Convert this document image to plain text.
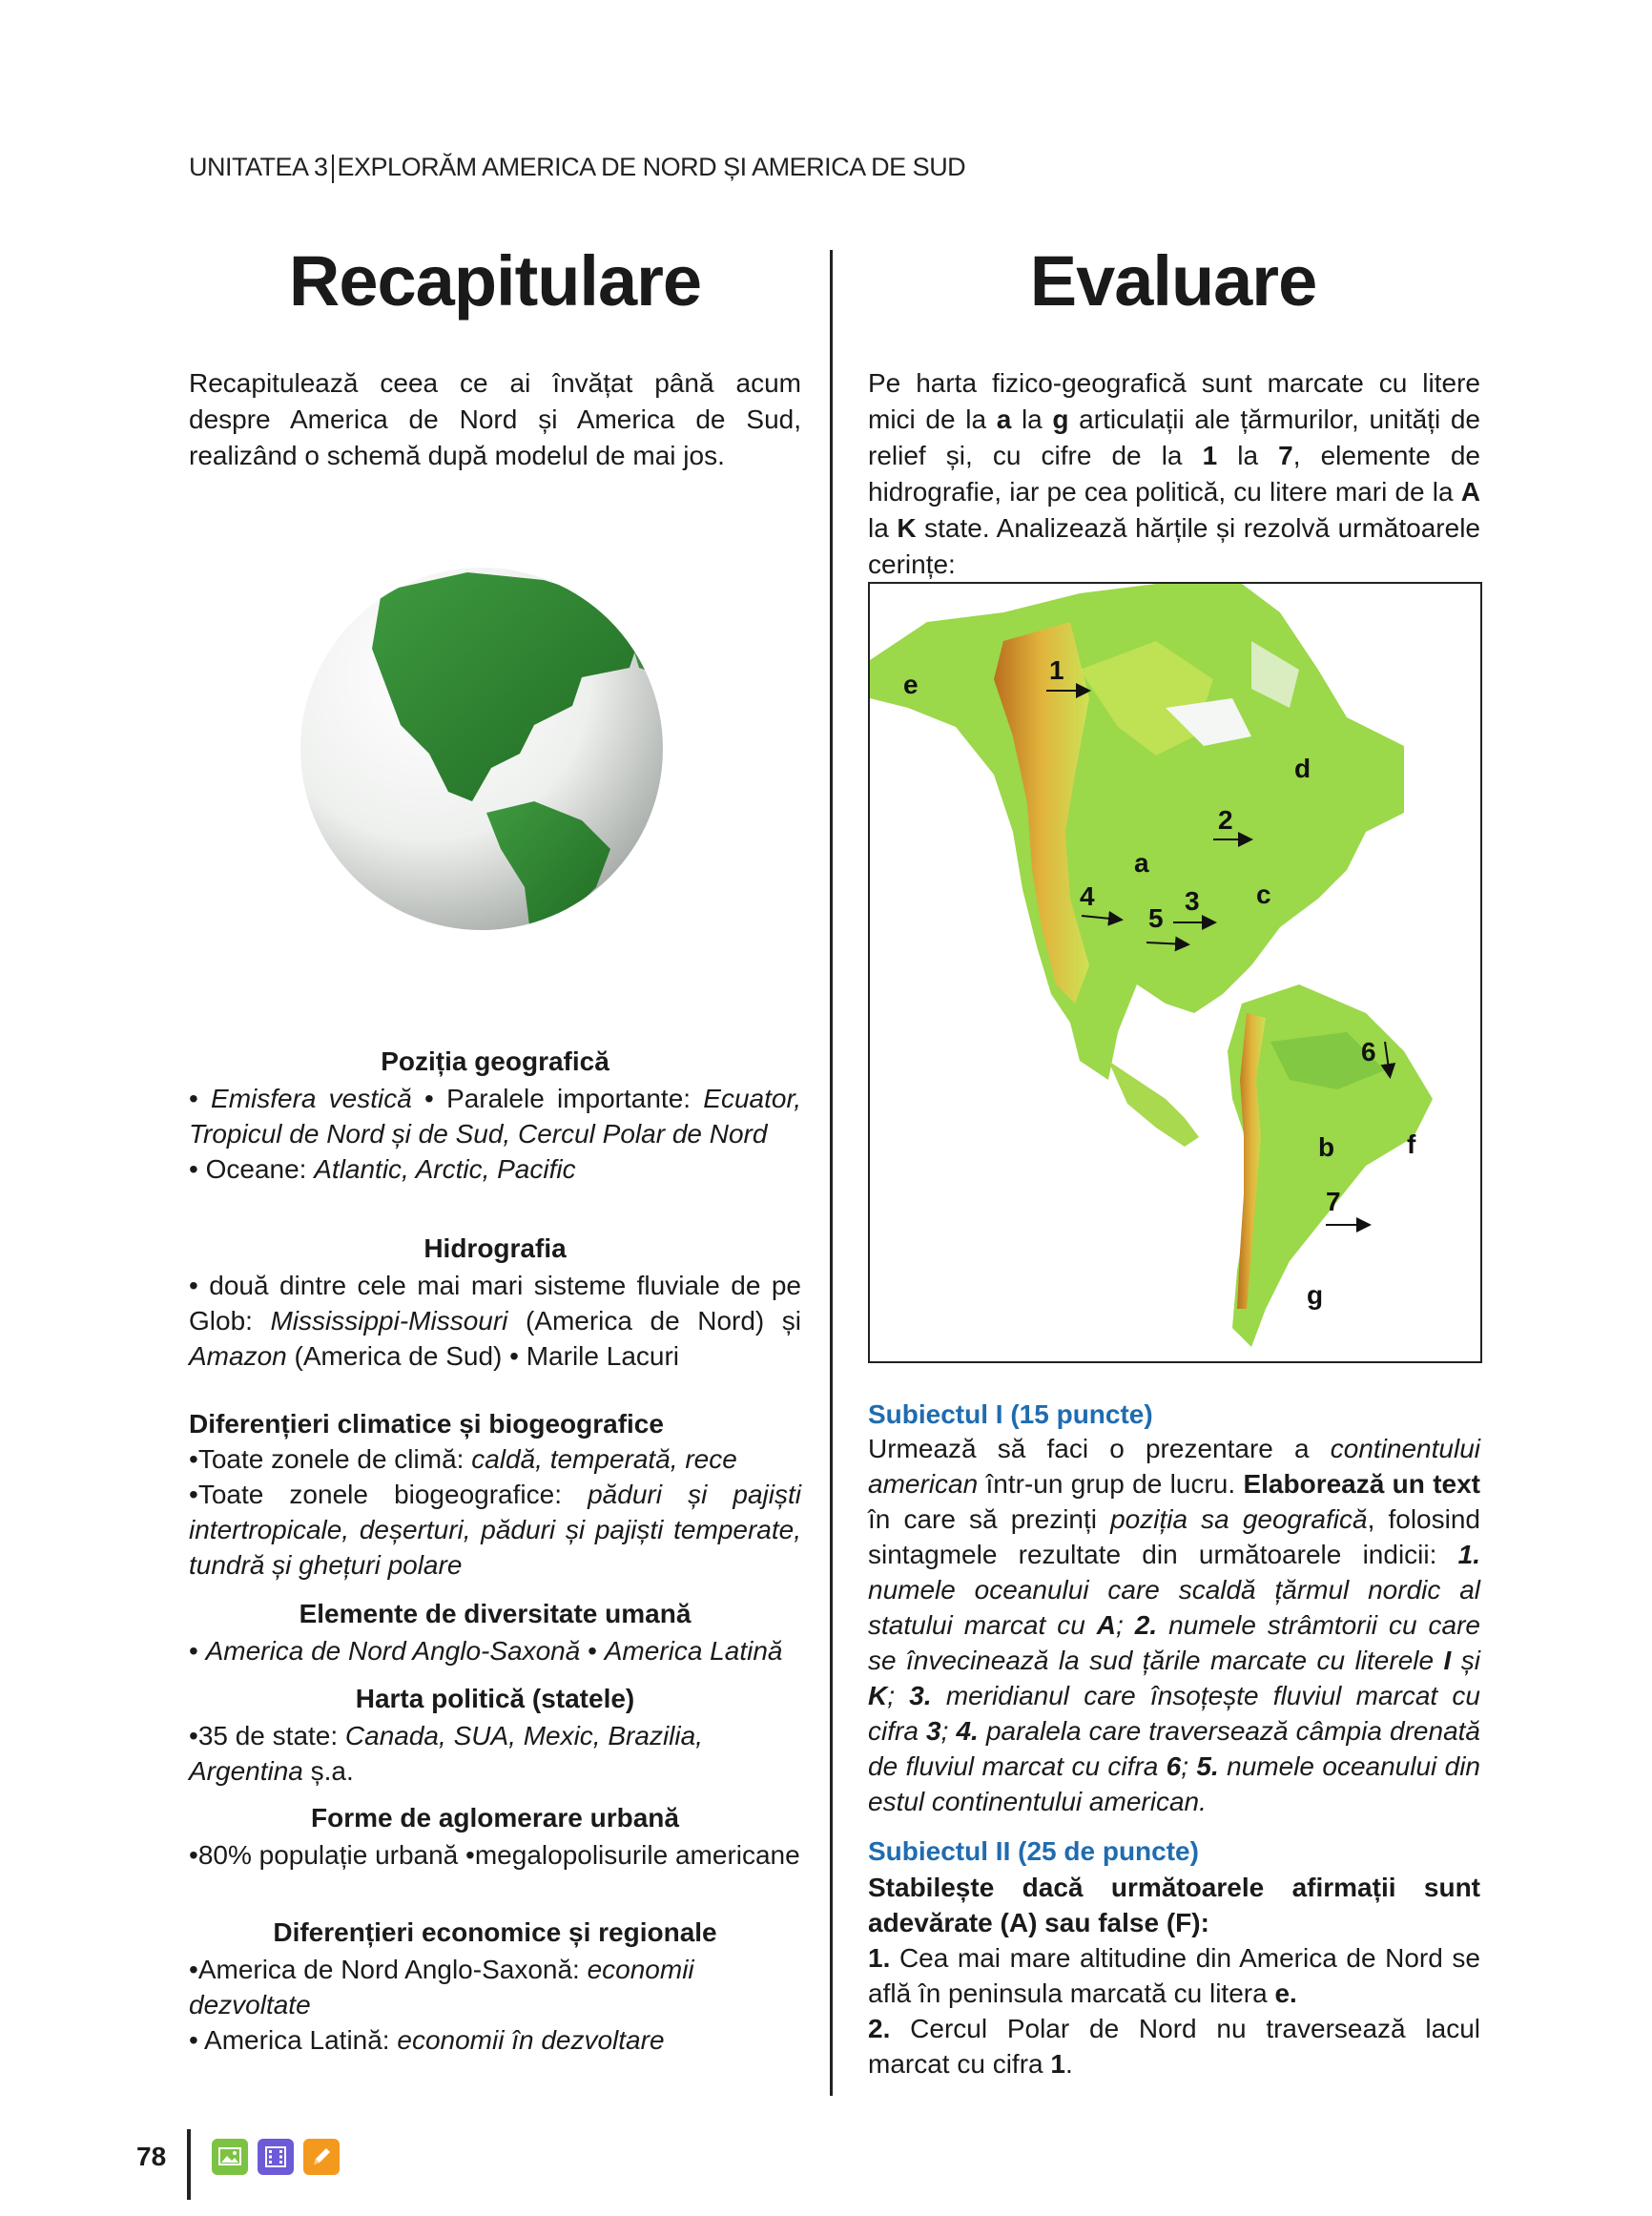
UNITATEA 3 EXPLORĂM AMERICA DE NORD ȘI AMERICA DE SUD
Recapitulare
Recapitulează ceea ce ai învățat până acum despre America de Nord și America de Sud, realizând o schemă după modelul de mai jos.
Poziția geografică
• Emisfera vestică • Paralele importante: Ecuator, Tropicul de Nord și de Sud, Cercul Polar de Nord
• Oceane: Atlantic, Arctic, Pacific
Hidrografia
• două dintre cele mai mari sisteme fluviale de pe Glob: Mississippi-Missouri (America de Nord) și Amazon (America de Sud) • Marile Lacuri
Diferențieri climatice și biogeografice
•Toate zonele de climă: caldă, temperată, rece
•Toate zonele biogeografice: păduri și pajiști intertropicale, deșerturi, păduri și pajiști temperate, tundră și ghețuri polare
Elemente de diversitate umană
• America de Nord Anglo-Saxonă • America Latină
Harta politică (statele)
•35 de state: Canada, SUA, Mexic, Brazilia, Argentina ș.a.
Forme de aglomerare urbană
•80% populație urbană •megalopolisurile americane
Diferențieri economice și regionale
•America de Nord Anglo-Saxonă: economii dezvoltate
• America Latină: economii în dezvoltare
Evaluare
Pe harta fizico-geografică sunt marcate cu litere mici de la a la g articulații ale țărmurilor, unități de relief și, cu cifre de la 1 la 7, elemente de hidrografie, iar pe cea politică, cu litere mari de la A la K state. Analizează hărțile și rezolvă următoarele cerințe:
e	1
d
2
a
4	3 c
5
6
b	f
7
g
Subiectul I (15 puncte)
Urmează să faci o prezentare a continentului american într-un grup de lucru. Elaborează un text în care să prezinți poziția sa geografică, folosind sintagmele rezultate din următoarele indicii: 1. numele oceanului care scaldă țărmul nordic al statului marcat cu A; 2. numele strâmtorii cu care se învecinează la sud țările marcate cu literele I și K; 3. meridianul care însoțește fluviul marcat cu cifra 3; 4. paralela care traversează câmpia drenată de fluviul marcat cu cifra 6; 5. numele oceanului din estul continentului american.
Subiectul II (25 de puncte)
Stabilește dacă următoarele afirmații sunt adevărate (A) sau false (F):
1. Cea mai mare altitudine din America de Nord se află în peninsula marcată cu litera e.
2. Cercul Polar de Nord nu traversează lacul marcat cu cifra 1.
78
